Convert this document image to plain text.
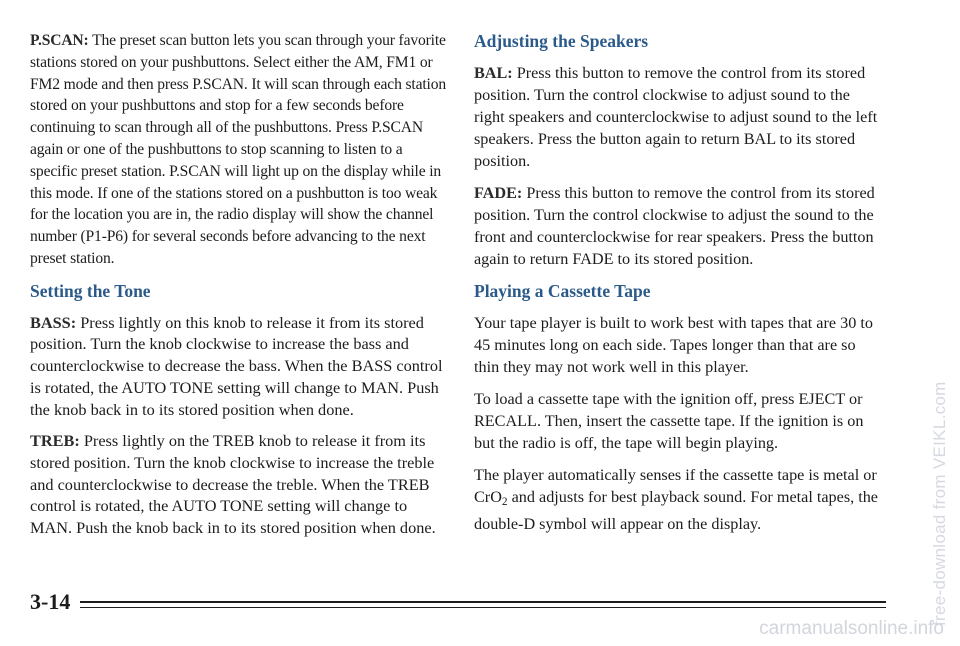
P.SCAN: The preset scan button lets you scan through your favorite stations stored on your pushbuttons. Select either the AM, FM1 or FM2 mode and then press P.SCAN. It will scan through each station stored on your pushbuttons and stop for a few seconds before continuing to scan through all of the pushbuttons. Press P.SCAN again or one of the pushbuttons to stop scanning to listen to a specific preset station. P.SCAN will light up on the display while in this mode. If one of the stations stored on a pushbutton is too weak for the location you are in, the radio display will show the channel number (P1-P6) for several seconds before advancing to the next preset station.

Setting the Tone

BASS: Press lightly on this knob to release it from its stored position. Turn the knob clockwise to increase the bass and counterclockwise to decrease the bass. When the BASS control is rotated, the AUTO TONE setting will change to MAN. Push the knob back in to its stored position when done.

TREB: Press lightly on the TREB knob to release it from its stored position. Turn the knob clockwise to increase the treble and counterclockwise to decrease the treble. When the TREB control is rotated, the AUTO TONE setting will change to MAN. Push the knob back in to its stored position when done.

Adjusting the Speakers

BAL: Press this button to remove the control from its stored position. Turn the control clockwise to adjust sound to the right speakers and counterclockwise to adjust sound to the left speakers. Press the button again to return BAL to its stored position.

FADE: Press this button to remove the control from its stored position. Turn the control clockwise to adjust the sound to the front and counterclockwise for rear speakers. Press the button again to return FADE to its stored position.

Playing a Cassette Tape

Your tape player is built to work best with tapes that are 30 to 45 minutes long on each side. Tapes longer than that are so thin they may not work well in this player.

To load a cassette tape with the ignition off, press EJECT or RECALL. Then, insert the cassette tape. If the ignition is on but the radio is off, the tape will begin playing.

The player automatically senses if the cassette tape is metal or CrO$_2$ and adjusts for best playback sound. For metal tapes, the double-D symbol will appear on the display.

3-14	free-download from VEIKL.com
carmanualsonline.info
